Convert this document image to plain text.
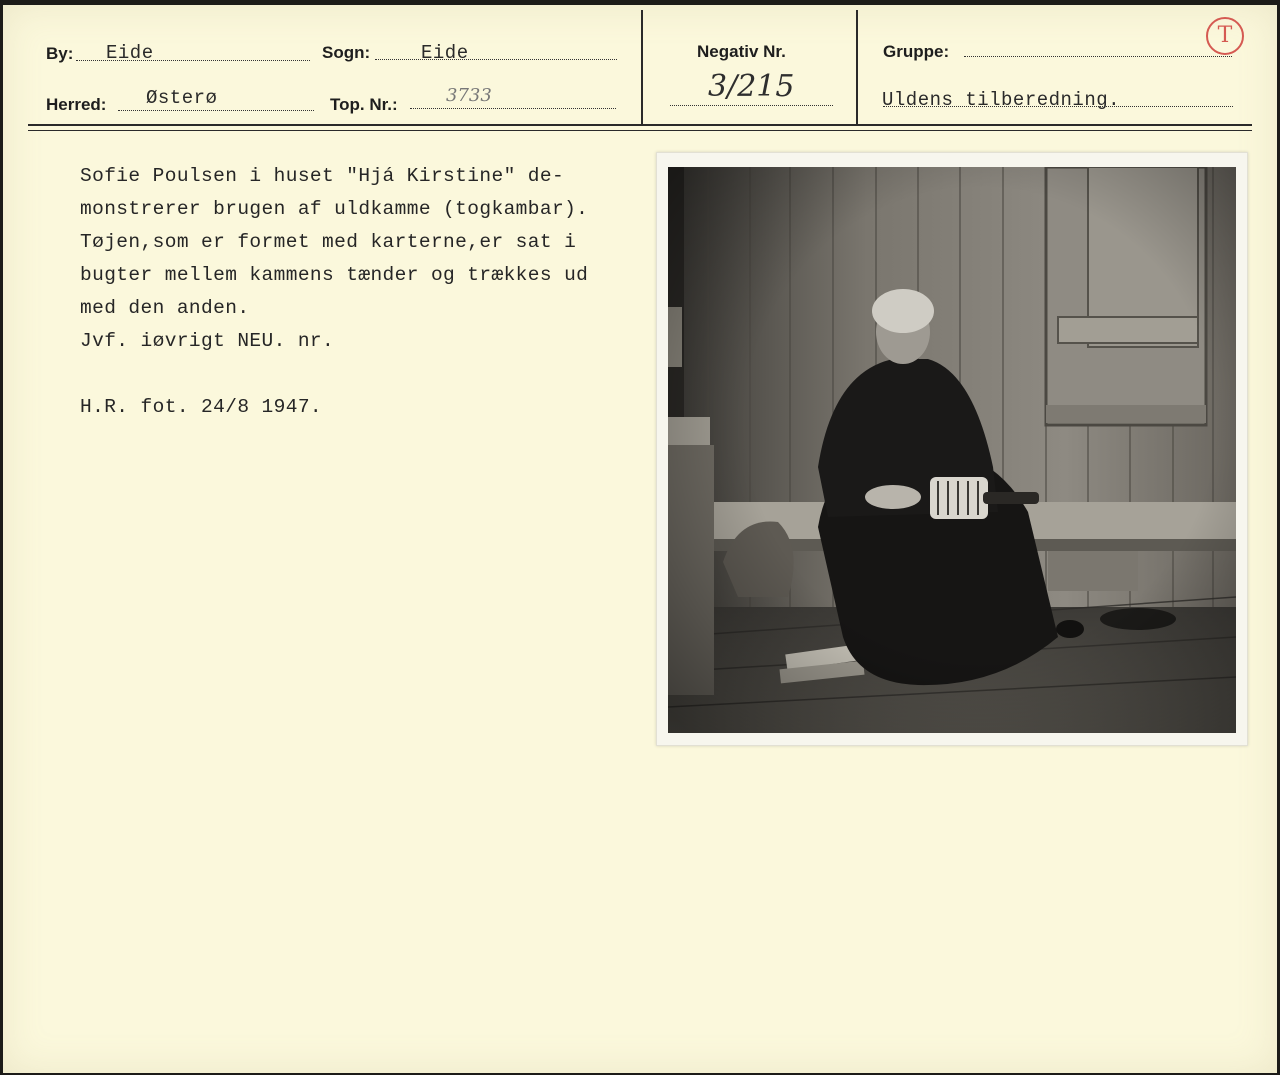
By: Eide	Sogn:	Eide
Herred: Østerø	Top. Nr.:	3733
Negativ Nr.
3/215
Gruppe:
Uldens tilberedning.
T
Sofie Poulsen i huset "Hjá Kirstine" de-
monstrerer brugen af uldkamme (togkambar).
Tøjen,som er formet med karterne,er sat i
bugter mellem kammens tænder og trækkes ud
med den anden.
Jvf. iøvrigt NEU. nr.
H.R. fot. 24/8 1947.
